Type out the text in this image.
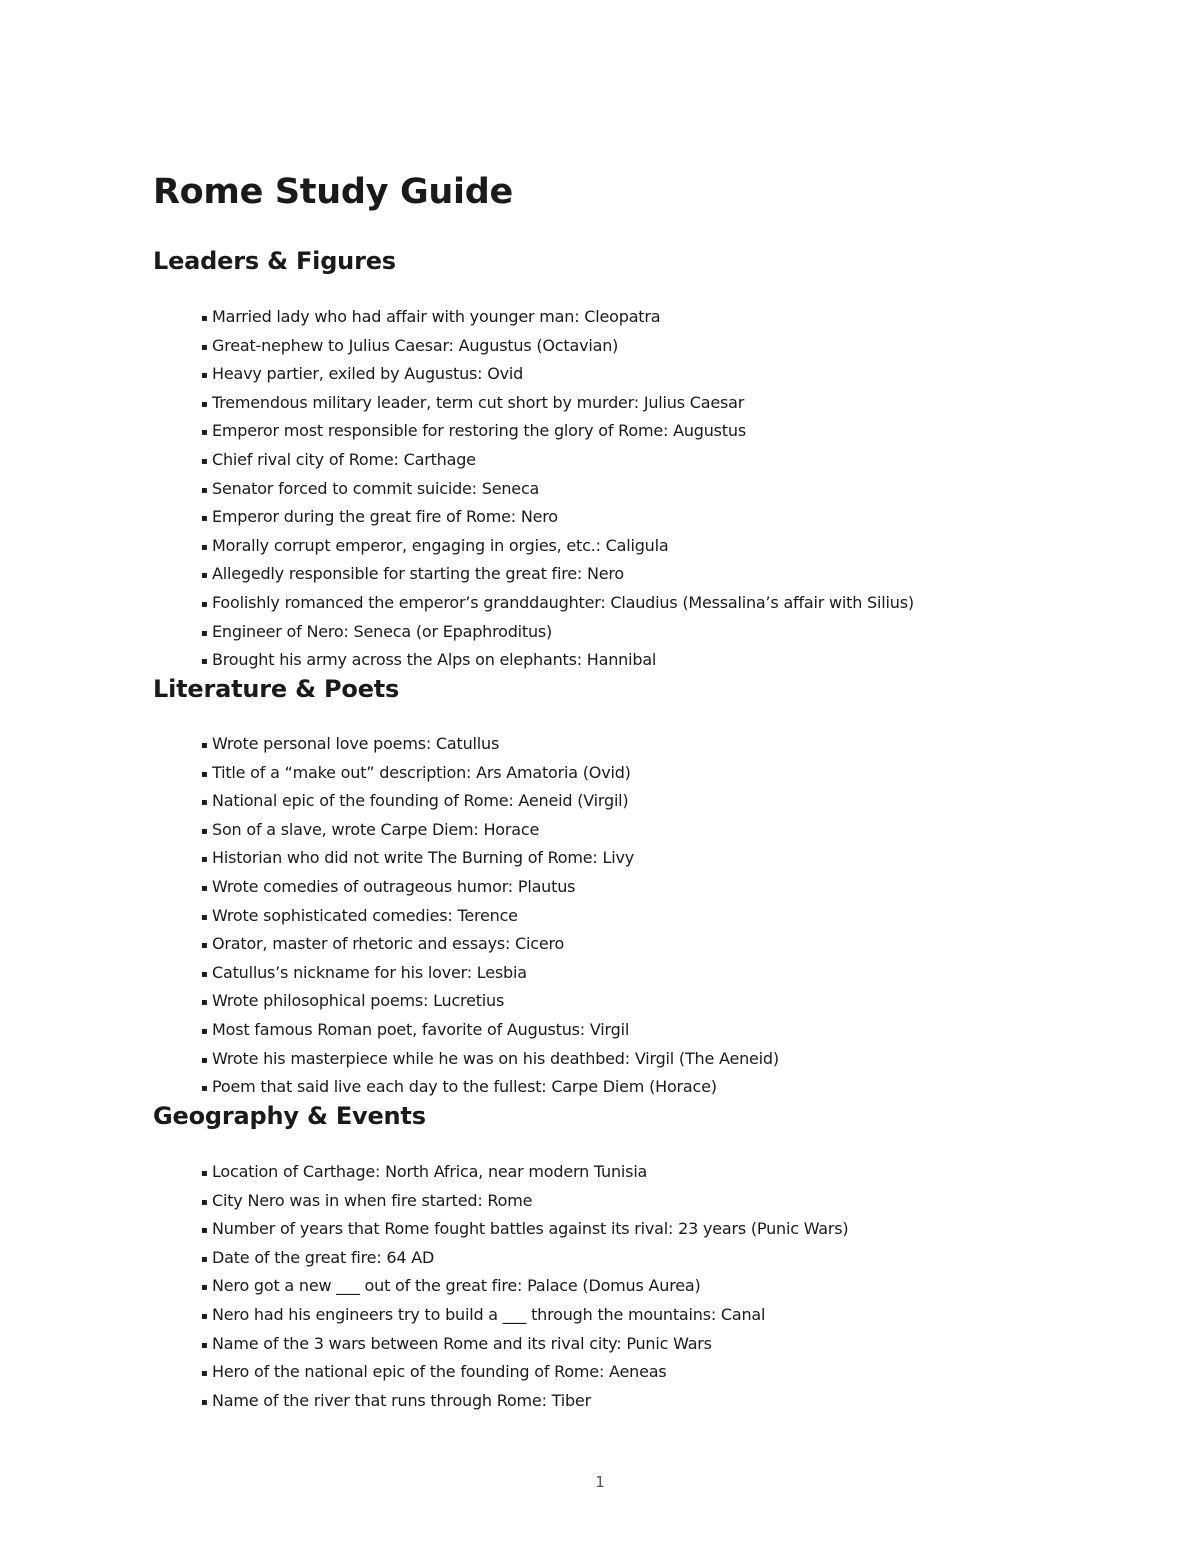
Rome Study Guide
Leaders & Figures
▪ Married lady who had affair with younger man: Cleopatra
▪ Great-nephew to Julius Caesar: Augustus (Octavian)
▪ Heavy partier, exiled by Augustus: Ovid
▪ Tremendous military leader, term cut short by murder: Julius Caesar
▪ Emperor most responsible for restoring the glory of Rome: Augustus
▪ Chief rival city of Rome: Carthage
▪ Senator forced to commit suicide: Seneca
▪ Emperor during the great fire of Rome: Nero
▪ Morally corrupt emperor, engaging in orgies, etc.: Caligula
▪ Allegedly responsible for starting the great fire: Nero
▪ Foolishly romanced the emperor’s granddaughter: Claudius (Messalina’s affair with Silius)
▪ Engineer of Nero: Seneca (or Epaphroditus)
▪ Brought his army across the Alps on elephants: Hannibal
Literature & Poets
▪ Wrote personal love poems: Catullus
▪ Title of a “make out” description: Ars Amatoria (Ovid)
▪ National epic of the founding of Rome: Aeneid (Virgil)
▪ Son of a slave, wrote Carpe Diem: Horace
▪ Historian who did not write The Burning of Rome: Livy
▪ Wrote comedies of outrageous humor: Plautus
▪ Wrote sophisticated comedies: Terence
▪ Orator, master of rhetoric and essays: Cicero
▪ Catullus’s nickname for his lover: Lesbia
▪ Wrote philosophical poems: Lucretius
▪ Most famous Roman poet, favorite of Augustus: Virgil
▪ Wrote his masterpiece while he was on his deathbed: Virgil (The Aeneid)
▪ Poem that said live each day to the fullest: Carpe Diem (Horace)
Geography & Events
▪ Location of Carthage: North Africa, near modern Tunisia
▪ City Nero was in when fire started: Rome
▪ Number of years that Rome fought battles against its rival: 23 years (Punic Wars)
▪ Date of the great fire: 64 AD
▪ Nero got a new ___ out of the great fire: Palace (Domus Aurea)
▪ Nero had his engineers try to build a ___ through the mountains: Canal
▪ Name of the 3 wars between Rome and its rival city: Punic Wars
▪ Hero of the national epic of the founding of Rome: Aeneas
▪ Name of the river that runs through Rome: Tiber
1
